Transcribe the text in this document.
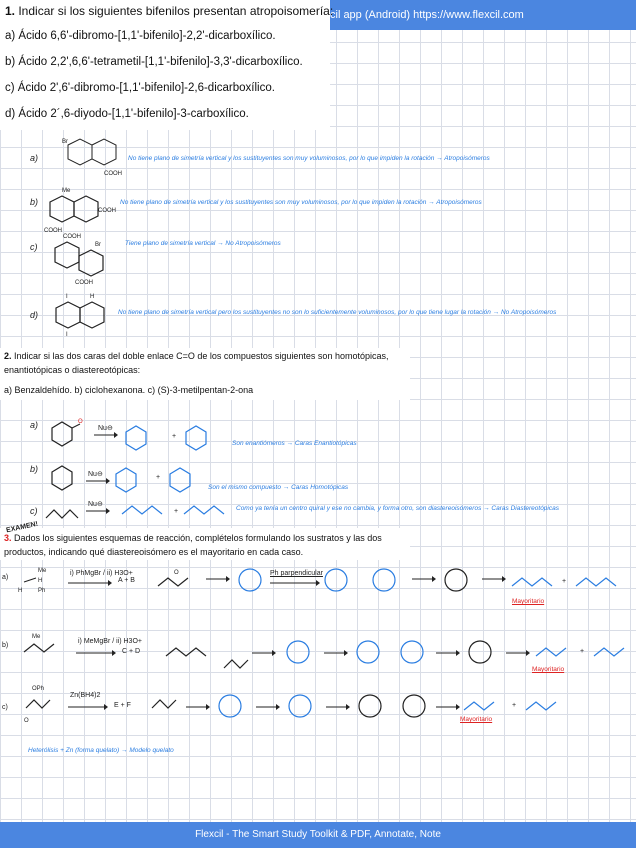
cil app (Android) https://www.flexcil.com
1. Indicar si los siguientes bifenilos presentan atropoisomería:
a) Ácido 6,6'-dibromo-[1,1'-bifenilo]-2,2'-dicarboxílico.
b) Ácido 2,2',6,6'-tetrametil-[1,1'-bifenilo]-3,3'-dicarboxílico.
c) Ácido 2',6'-dibromo-[1,1'-bifenilo]-2,6-dicarboxílico.
d) Ácido 2´,6-diyodo-[1,1'-bifenilo]-3-carboxílico.
a)
Br
COOH
No tiene plano de simetría vertical y los sustituyentes son muy voluminosos, por lo que impiden la rotación → Atropoisómeros
b)
Me
COOH
COOH
No tiene plano de simetría vertical y los sustituyentes son muy voluminosos, por lo que impiden la rotación → Atropoisómeros
c)
COOH
Br
COOH
Tiene plano de simetría vertical → No Atropoisómeros
d)
I	H
I
No tiene plano de simetría vertical pero los sustituyentes no son lo suficientemente voluminosos, por lo que tiene lugar la rotación → No Atropoisómeros
2. Indicar si las dos caras del doble enlace C=O de los compuestos siguientes son homotópicas,
enantiotópicas o diastereotópicas:
a) Benzaldehído. b) ciclohexanona. c) (S)-3-metilpentan-2-ona
a)	O
Nu⊖
+
Son enantiómeros → Caras Enantiotópicas
b)
Nu⊖	+
Son el mismo compuesto → Caras Homotópicas
c)
Nu⊖
+	Como ya tenía un centro quiral y ese no cambia, y forma otro, son diastereoisómeros → Caras Diastereotópicas
EXAMEN!
3. Dados los siguientes esquemas de reacción, complételos formulando los sustratos y las dos
productos, indicando qué diastereoisómero es el mayoritario en cada caso.
a)
Me
H
Ph
H
i) PhMgBr / ii) H3O+
A + B
O	Ph parpendicular
Mayoritario
+
b)
Me
i) MeMgBr / ii) H3O+
C + D
Mayoritario
+
c)
OPh
O
Zn(BH4)2
E + F
Mayoritario
+
Heterólisis + Zn (forma quelato) → Modelo quelato
Flexcil - The Smart Study Toolkit & PDF, Annotate, Note
